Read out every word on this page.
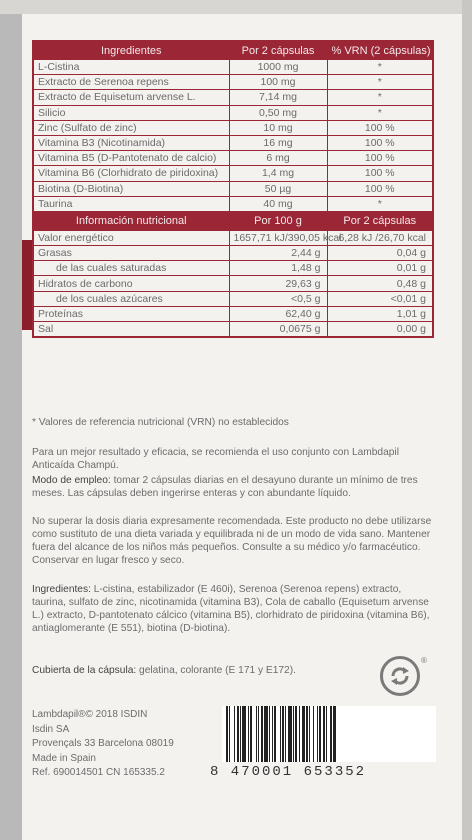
Ingredientes	Por 2 cápsulas	% VRN (2 cápsulas)
L-Cistina	1000 mg	*
Extracto de Serenoa repens	100 mg	*
Extracto de Equisetum arvense L.	7,14 mg	*
Silicio	0,50 mg	*
Zinc (Sulfato de zinc)	10 mg	100 %
Vitamina B3 (Nicotinamida)	16 mg	100 %
Vitamina B5 (D-Pantotenato de calcio)	6 mg	100 %
Vitamina B6 (Clorhidrato de piridoxina)	1,4 mg	100 %
Biotina (D-Biotina)	50 µg	100 %
Taurina	40 mg	*
Información nutricional	Por 100 g	Por 2 cápsulas
Valor energético	1657,71 kJ/390,05 kcal	6,28 kJ /26,70 kcal
Grasas	2,44 g	0,04 g
de las cuales saturadas	1,48 g	0,01 g
Hidratos de carbono	29,63 g	0,48 g
de los cuales azúcares	<0,5 g	<0,01 g
Proteínas	62,40 g	1,01 g
Sal	0,0675 g	0,00 g
* Valores de referencia nutricional (VRN) no establecidos
Para un mejor resultado y eficacia, se recomienda el uso conjunto con Lambdapil Anticaída Champú.
Modo de empleo: tomar 2 cápsulas diarias en el desayuno durante un mínimo de tres meses. Las cápsulas deben ingerirse enteras y con abundante líquido.
No superar la dosis diaria expresamente recomendada. Este producto no debe utilizarse como sustituto de una dieta variada y equilibrada ni de un modo de vida sano. Mantener fuera del alcance de los niños más pequeños. Consulte a su médico y/o farmacéutico. Conservar en lugar fresco y seco.
Ingredientes: L-cistina, estabilizador (E 460i), Serenoa (Serenoa repens) extracto, taurina, sulfato de zinc, nicotinamida (vitamina B3), Cola de caballo (Equisetum arvense L.) extracto, D-pantotenato cálcico (vitamina B5), clorhidrato de piridoxina (vitamina B6), antiaglomerante (E 551), biotina (D-biotina).
Cubierta de la cápsula: gelatina, colorante (E 171 y E172).
®
Lambdapil®© 2018 ISDIN
Isdin SA
Provençals 33 Barcelona 08019
Made in Spain
Ref. 690014501 CN 165335.2	8 470001 653352
